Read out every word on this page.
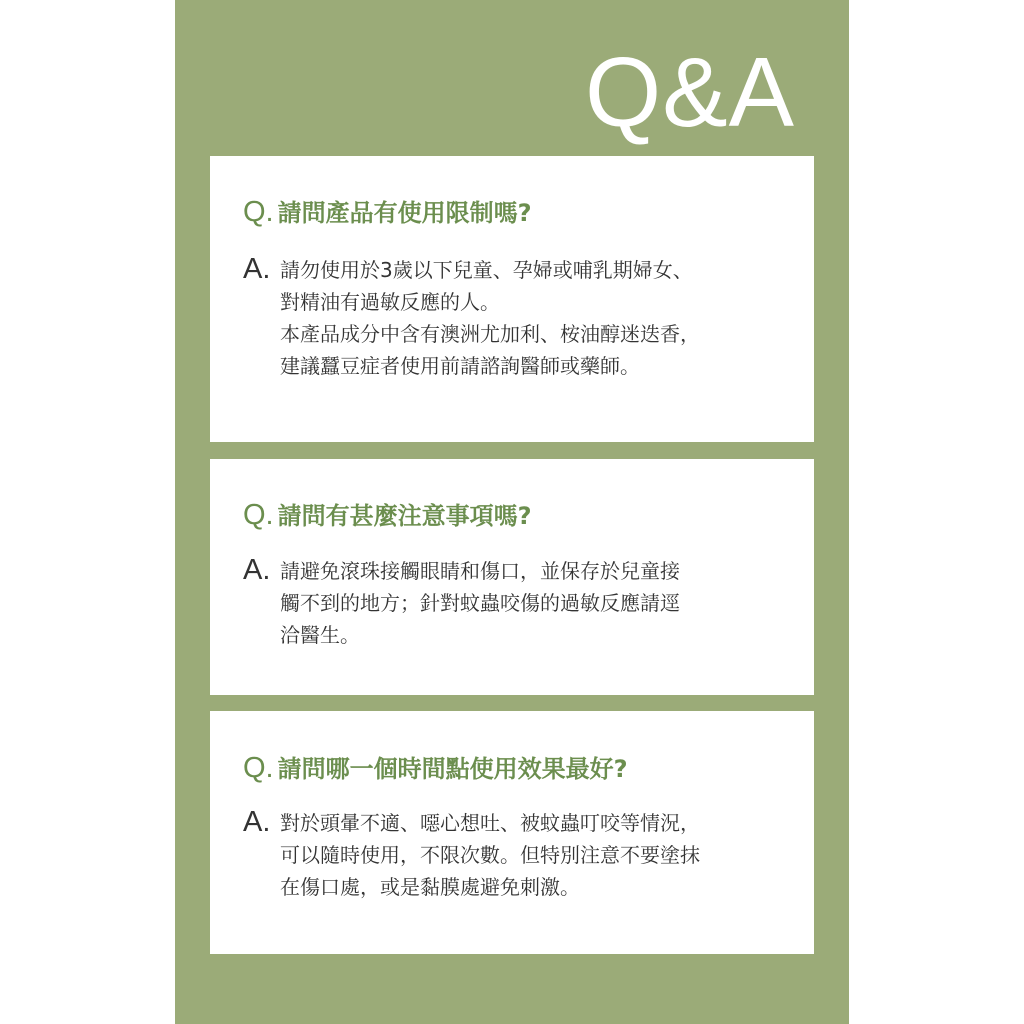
Q&A
Q. 請問產品有使用限制嗎?
A. 請勿使用於3歲以下兒童、孕婦或哺乳期婦女、
對精油有過敏反應的人。
本產品成分中含有澳洲尤加利、桉油醇迷迭香，
建議蠶豆症者使用前請諮詢醫師或藥師。
Q. 請問有甚麼注意事項嗎?
A. 請避免滾珠接觸眼睛和傷口，並保存於兒童接
觸不到的地方；針對蚊蟲咬傷的過敏反應請逕
洽醫生。
Q. 請問哪一個時間點使用效果最好?
A. 對於頭暈不適、噁心想吐、被蚊蟲叮咬等情況，
可以隨時使用，不限次數。但特別注意不要塗抹
在傷口處，或是黏膜處避免刺激。
